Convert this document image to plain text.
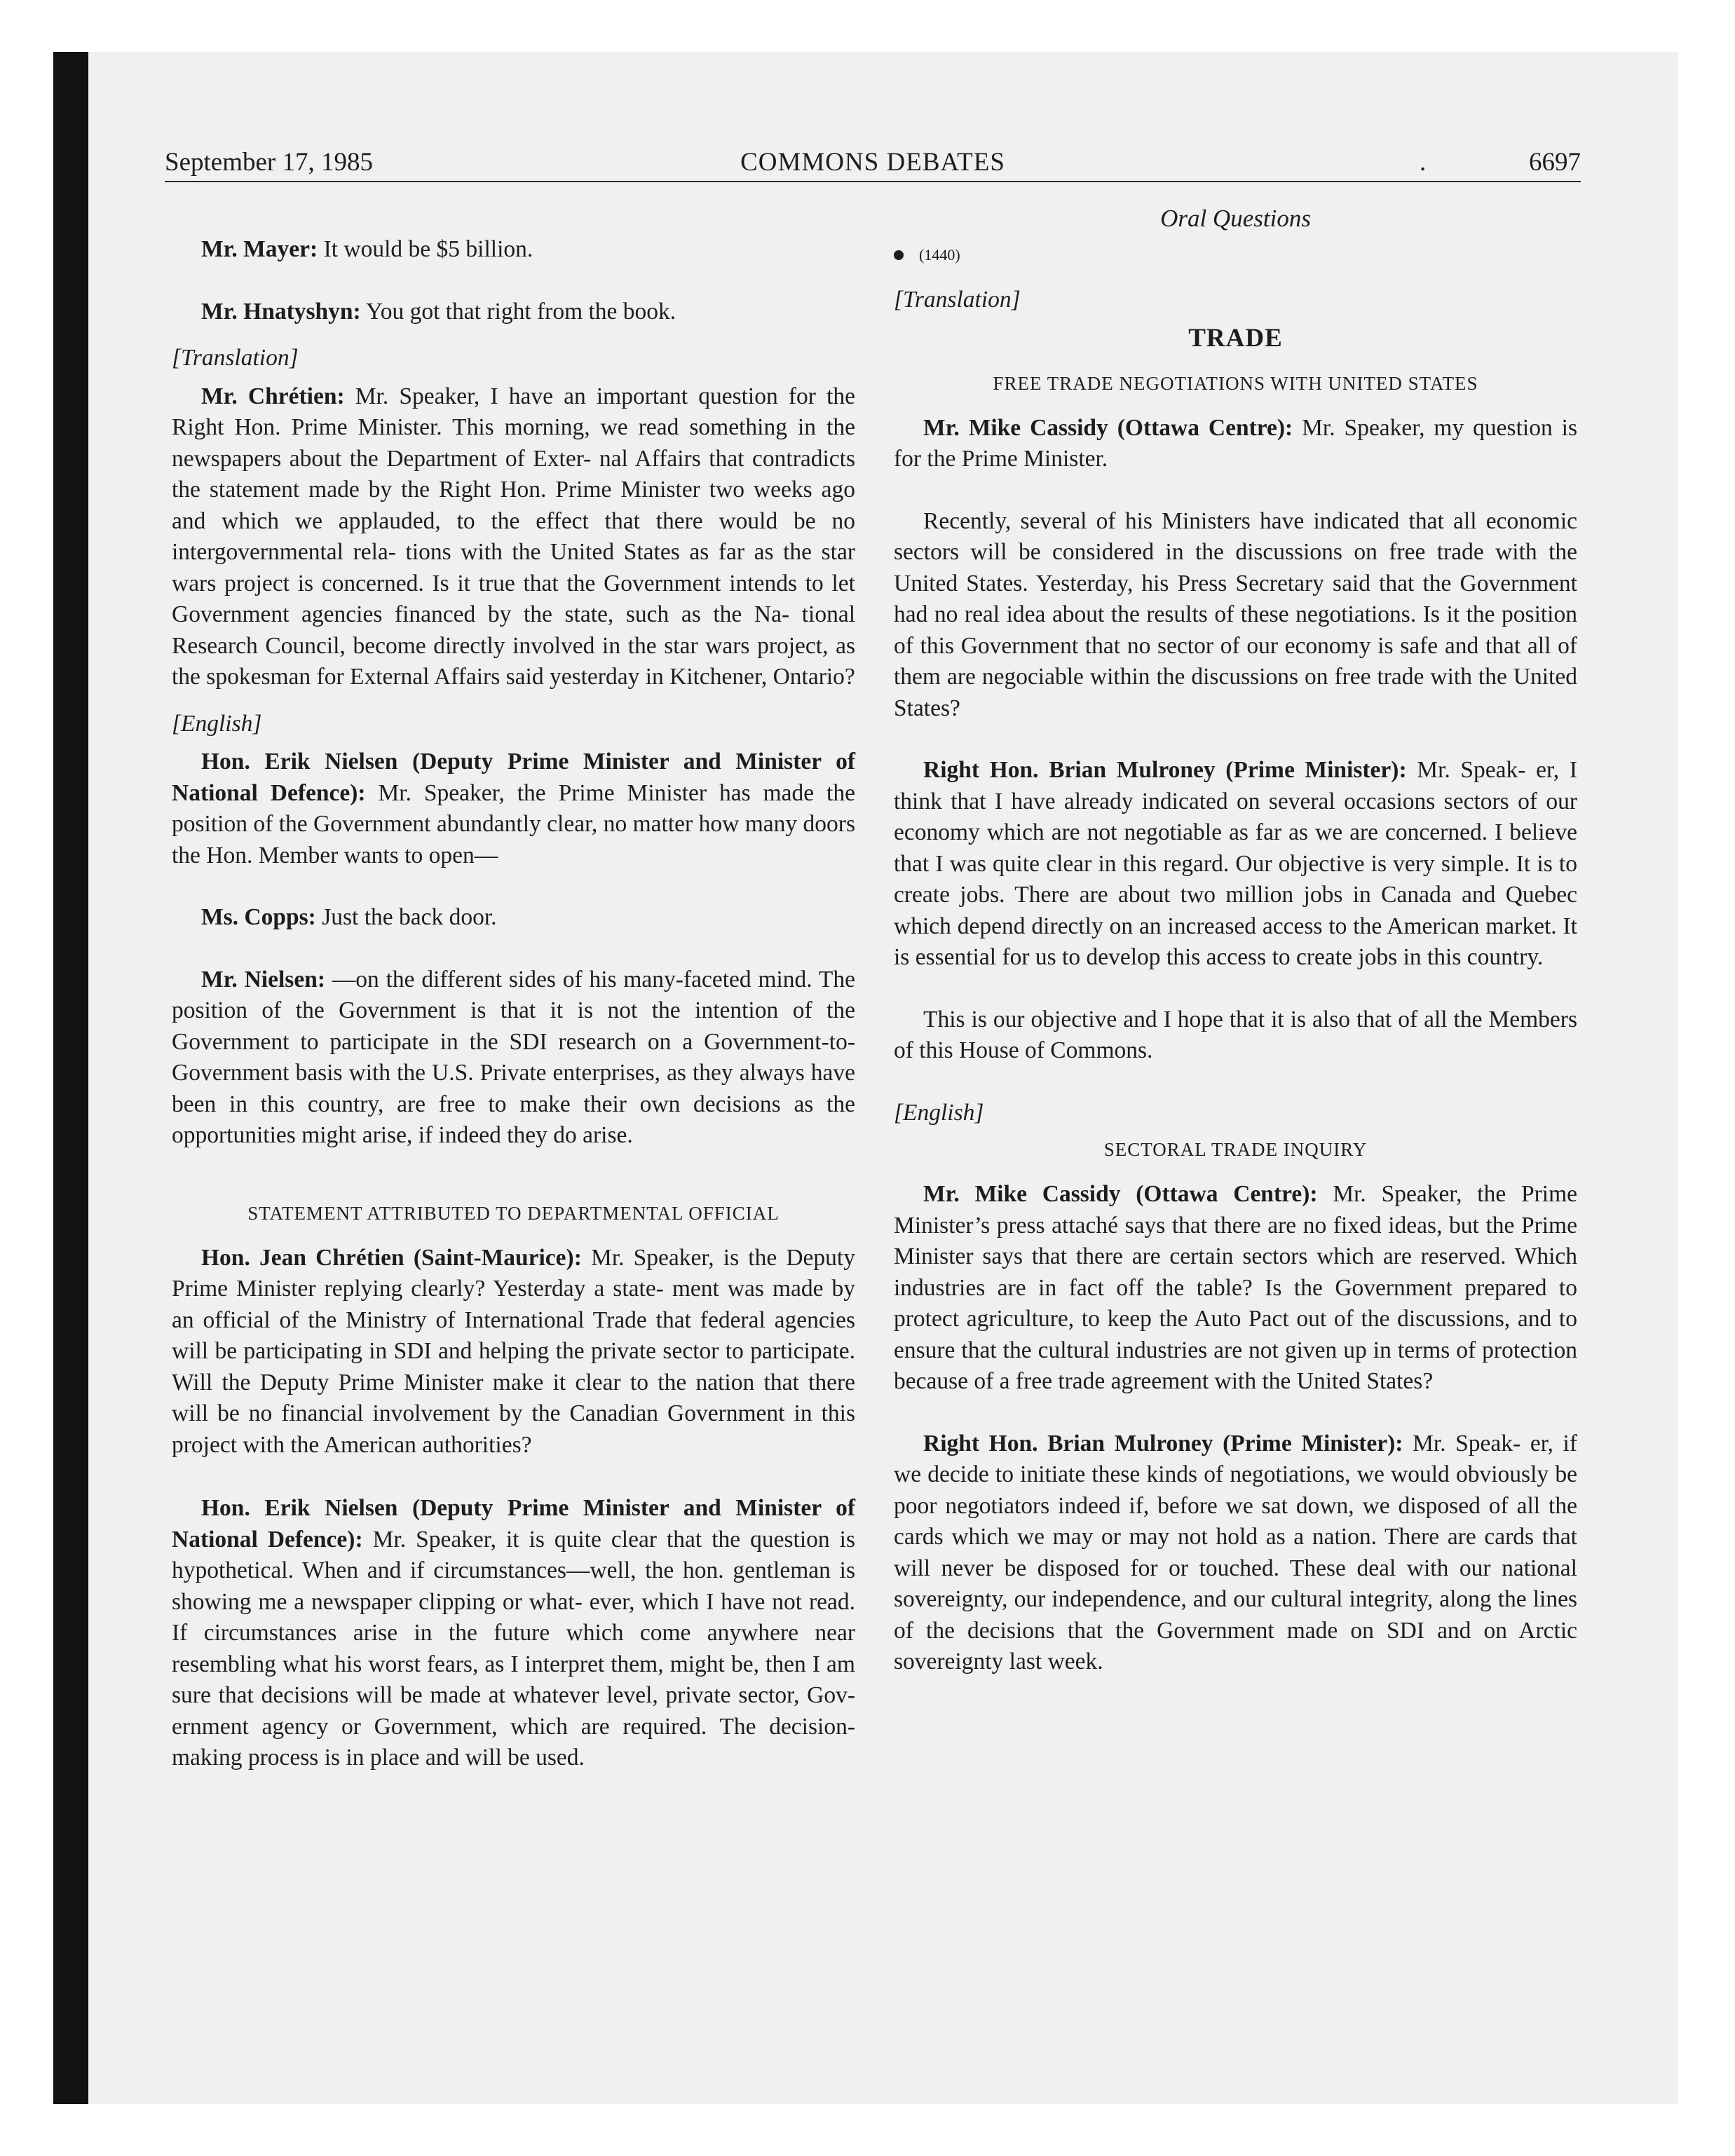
September 17, 1985	COMMONS DEBATES	.	6697

Mr. Mayer: It would be $5 billion.

Mr. Hnatyshyn: You got that right from the book.

[Translation]

Mr. Chrétien: Mr. Speaker, I have an important question for the Right Hon. Prime Minister. This morning, we read something in the newspapers about the Department of Exter- nal Affairs that contradicts the statement made by the Right Hon. Prime Minister two weeks ago and which we applauded, to the effect that there would be no intergovernmental rela- tions with the United States as far as the star wars project is concerned. Is it true that the Government intends to let Government agencies financed by the state, such as the Na- tional Research Council, become directly involved in the star wars project, as the spokesman for External Affairs said yesterday in Kitchener, Ontario?

[English]

Hon. Erik Nielsen (Deputy Prime Minister and Minister of National Defence): Mr. Speaker, the Prime Minister has made the position of the Government abundantly clear, no matter how many doors the Hon. Member wants to open—

Ms. Copps: Just the back door.

Mr. Nielsen: —on the different sides of his many-faceted mind. The position of the Government is that it is not the intention of the Government to participate in the SDI research on a Government-to-Government basis with the U.S. Private enterprises, as they always have been in this country, are free to make their own decisions as the opportunities might arise, if indeed they do arise.

STATEMENT ATTRIBUTED TO DEPARTMENTAL OFFICIAL

Hon. Jean Chrétien (Saint-Maurice): Mr. Speaker, is the Deputy Prime Minister replying clearly? Yesterday a state- ment was made by an official of the Ministry of International Trade that federal agencies will be participating in SDI and helping the private sector to participate. Will the Deputy Prime Minister make it clear to the nation that there will be no financial involvement by the Canadian Government in this project with the American authorities?

Hon. Erik Nielsen (Deputy Prime Minister and Minister of National Defence): Mr. Speaker, it is quite clear that the question is hypothetical. When and if circumstances—well, the hon. gentleman is showing me a newspaper clipping or what- ever, which I have not read. If circumstances arise in the future which come anywhere near resembling what his worst fears, as I interpret them, might be, then I am sure that decisions will be made at whatever level, private sector, Gov- ernment agency or Government, which are required. The decision-making process is in place and will be used.

Oral Questions

(1440)

[Translation]

TRADE

FREE TRADE NEGOTIATIONS WITH UNITED STATES

Mr. Mike Cassidy (Ottawa Centre): Mr. Speaker, my question is for the Prime Minister.

Recently, several of his Ministers have indicated that all economic sectors will be considered in the discussions on free trade with the United States. Yesterday, his Press Secretary said that the Government had no real idea about the results of these negotiations. Is it the position of this Government that no sector of our economy is safe and that all of them are negociable within the discussions on free trade with the United States?

Right Hon. Brian Mulroney (Prime Minister): Mr. Speak- er, I think that I have already indicated on several occasions sectors of our economy which are not negotiable as far as we are concerned. I believe that I was quite clear in this regard. Our objective is very simple. It is to create jobs. There are about two million jobs in Canada and Quebec which depend directly on an increased access to the American market. It is essential for us to develop this access to create jobs in this country.

This is our objective and I hope that it is also that of all the Members of this House of Commons.

[English]

SECTORAL TRADE INQUIRY

Mr. Mike Cassidy (Ottawa Centre): Mr. Speaker, the Prime Minister’s press attaché says that there are no fixed ideas, but the Prime Minister says that there are certain sectors which are reserved. Which industries are in fact off the table? Is the Government prepared to protect agriculture, to keep the Auto Pact out of the discussions, and to ensure that the cultural industries are not given up in terms of protection because of a free trade agreement with the United States?

Right Hon. Brian Mulroney (Prime Minister): Mr. Speak- er, if we decide to initiate these kinds of negotiations, we would obviously be poor negotiators indeed if, before we sat down, we disposed of all the cards which we may or may not hold as a nation. There are cards that will never be disposed for or touched. These deal with our national sovereignty, our independence, and our cultural integrity, along the lines of the decisions that the Government made on SDI and on Arctic sovereignty last week.
